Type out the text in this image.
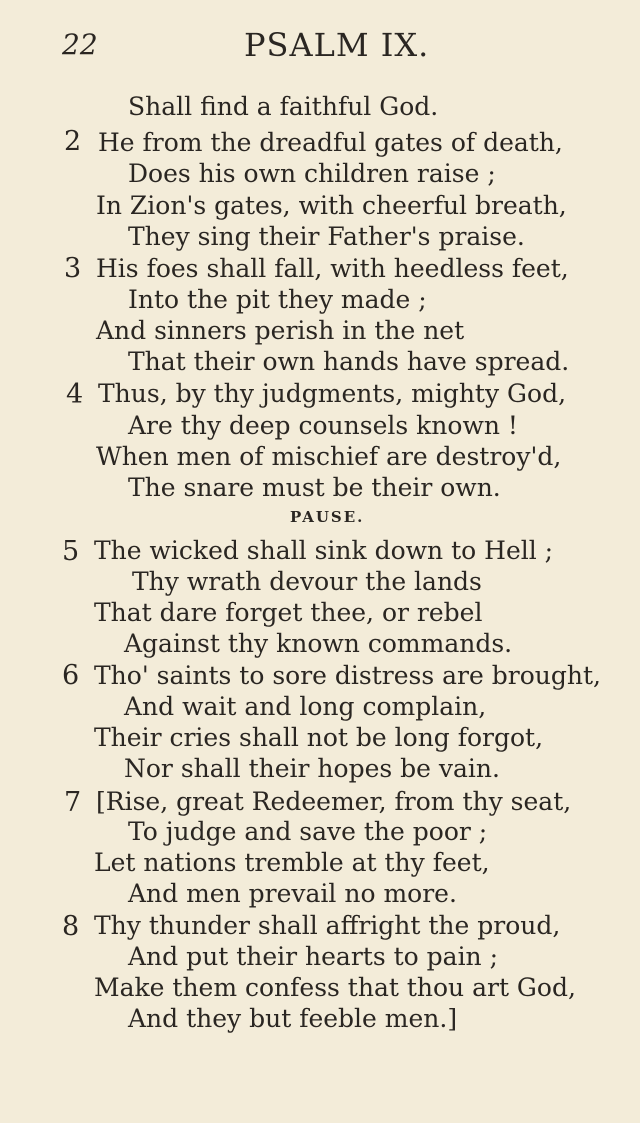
22	PSALM IX.
Shall find a faithful God.
2 He from the dreadful gates of death,
Does his own children raise ;
In Zion's gates, with cheerful breath,
They sing their Father's praise.
3 His foes shall fall, with heedless feet,
Into the pit they made ;
And sinners perish in the net
That their own hands have spread.
4 Thus, by thy judgments, mighty God,
Are thy deep counsels known !
When men of mischief are destroy'd,
The snare must be their own.
PAUSE.
5 The wicked shall sink down to Hell ;
Thy wrath devour the lands
That dare forget thee, or rebel
Against thy known commands.
6 Tho' saints to sore distress are brought,
And wait and long complain,
Their cries shall not be long forgot,
Nor shall their hopes be vain.
7 [Rise, great Redeemer, from thy seat,
To judge and save the poor ;
Let nations tremble at thy feet,
And men prevail no more.
8 Thy thunder shall affright the proud,
And put their hearts to pain ;
Make them confess that thou art God,
And they but feeble men.]
